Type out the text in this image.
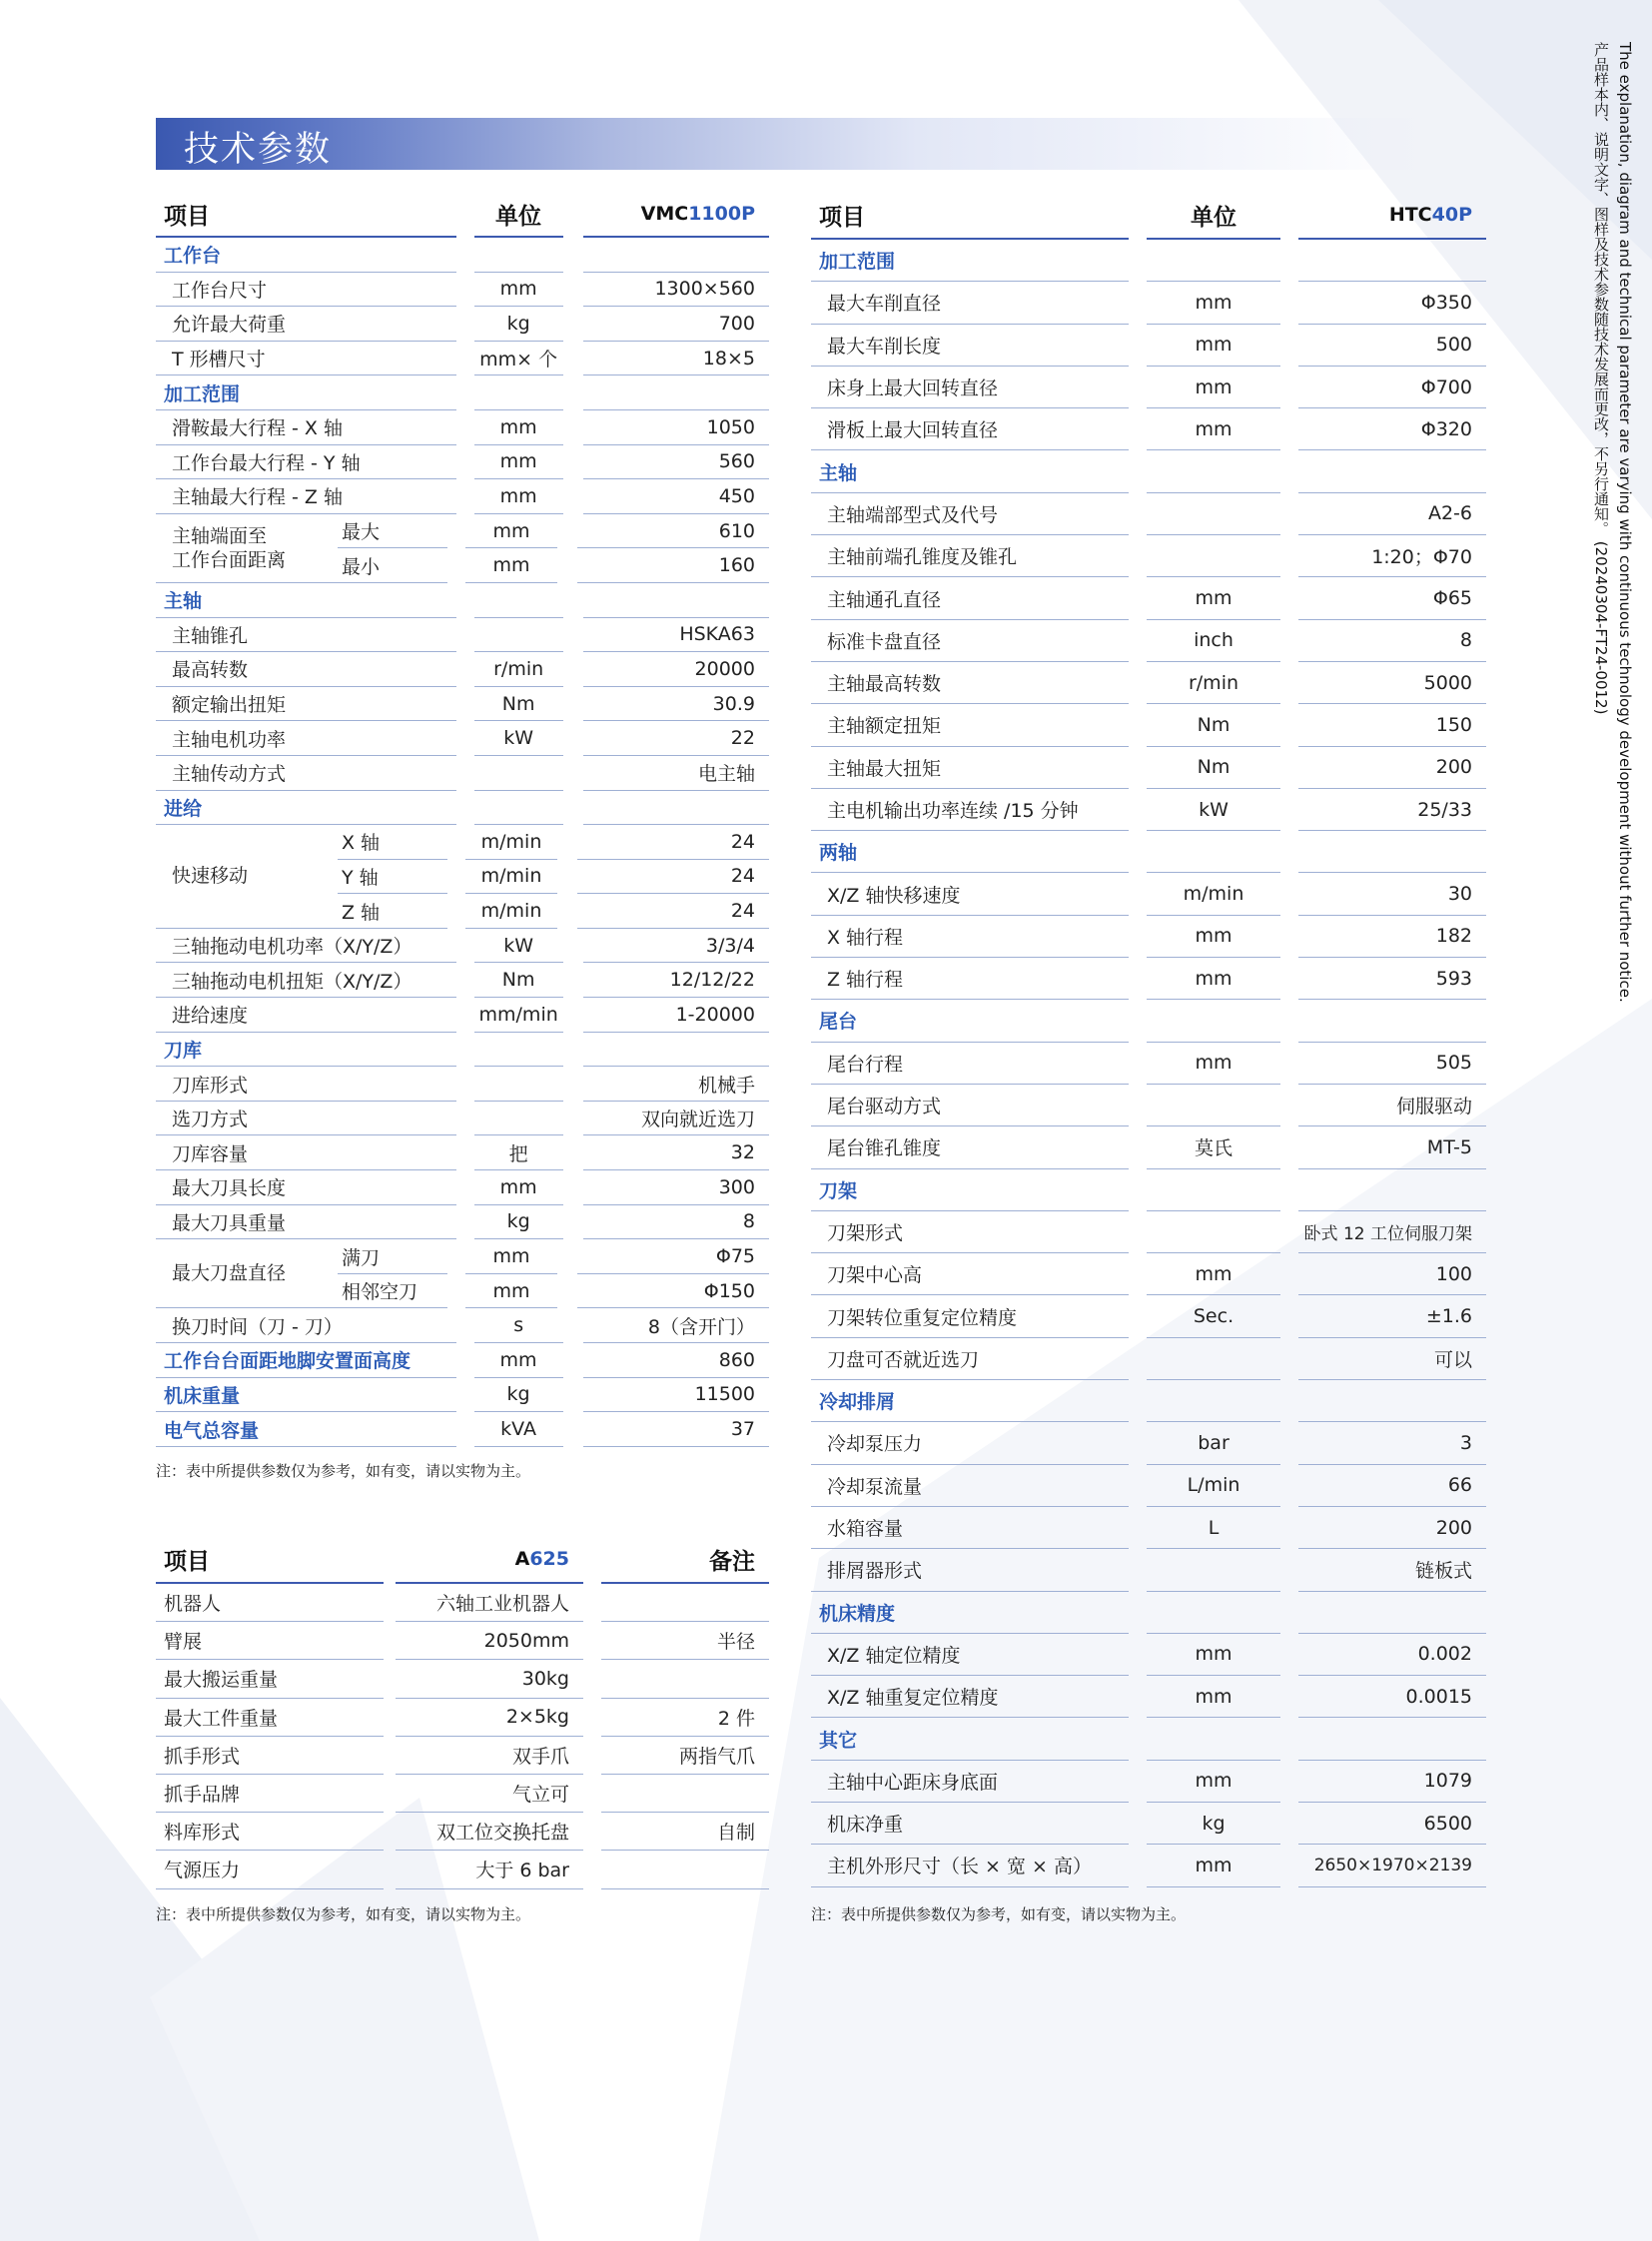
技术参数	The explanation, diagram and technical parameter are varying with continuous technology development without further notice.
产品样本内、说明文字、图样及技术参数随技术发展而更改，不另行通知。 (20240304-FT24-0012)
项目	单位	VMC 1100P
工作台
工作台尺寸	mm	1300×560
允许最大荷重	kg	700
T 形槽尺寸	mm× 个	18×5
加工范围
滑鞍最大行程 - X 轴	mm	1050
工作台最大行程 - Y 轴	mm	560
主轴最大行程 - Z 轴	mm	450
主轴端面至
工作台面距离
最大	mm	610
最小	mm	160
主轴
主轴锥孔	HSKA63
最高转数	r/min	20000
额定输出扭矩	Nm	30.9
主轴电机功率	kW	22
主轴传动方式	电主轴
进给
快速移动
X 轴	m/min	24
Y 轴	m/min	24
Z 轴	m/min	24
三轴拖动电机功率（X/Y/Z）	kW	3/3/4
三轴拖动电机扭矩（X/Y/Z）	Nm	12/12/22
进给速度	mm/min	1-20000
刀库
刀库形式	机械手
选刀方式	双向就近选刀
刀库容量	把	32
最大刀具长度	mm	300
最大刀具重量	kg	8
最大刀盘直径
满刀	mm	Φ75
相邻空刀	mm	Φ150
换刀时间（刀 - 刀）	s	8（含开门）
工作台台面距地脚安置面高度	mm	860
机床重量	kg	11500
电气总容量	kVA	37
注：表中所提供参数仅为参考，如有变，请以实物为主。
项目	A 625	备注
机器人	六轴工业机器人
臂展	2050mm	半径
最大搬运重量	30kg
最大工件重量	2×5kg	2 件
抓手形式	双手爪	两指气爪
抓手品牌	气立可
料库形式	双工位交换托盘	自制
气源压力	大于 6 bar
注：表中所提供参数仅为参考，如有变，请以实物为主。
项目	单位	HTC 40P
加工范围
最大车削直径	mm	Φ350
最大车削长度	mm	500
床身上最大回转直径	mm	Φ700
滑板上最大回转直径	mm	Φ320
主轴
主轴端部型式及代号	A2-6
主轴前端孔锥度及锥孔	1:20；Φ70
主轴通孔直径	mm	Φ65
标准卡盘直径	inch	8
主轴最高转数	r/min	5000
主轴额定扭矩	Nm	150
主轴最大扭矩	Nm	200
主电机输出功率连续 /15 分钟	kW	25/33
两轴
X/Z 轴快移速度	m/min	30
X 轴行程	mm	182
Z 轴行程	mm	593
尾台
尾台行程	mm	505
尾台驱动方式	伺服驱动
尾台锥孔锥度	莫氏	MT-5
刀架
刀架形式	卧式 12 工位伺服刀架
刀架中心高	mm	100
刀架转位重复定位精度	Sec.	±1.6
刀盘可否就近选刀	可以
冷却排屑
冷却泵压力	bar	3
冷却泵流量	L/min	66
水箱容量	L	200
排屑器形式	链板式
机床精度
X/Z 轴定位精度	mm	0.002
X/Z 轴重复定位精度	mm	0.0015
其它
主轴中心距床身底面	mm	1079
机床净重	kg	6500
主机外形尺寸（长 × 宽 × 高）	mm	2650×1970×2139
注：表中所提供参数仅为参考，如有变，请以实物为主。
